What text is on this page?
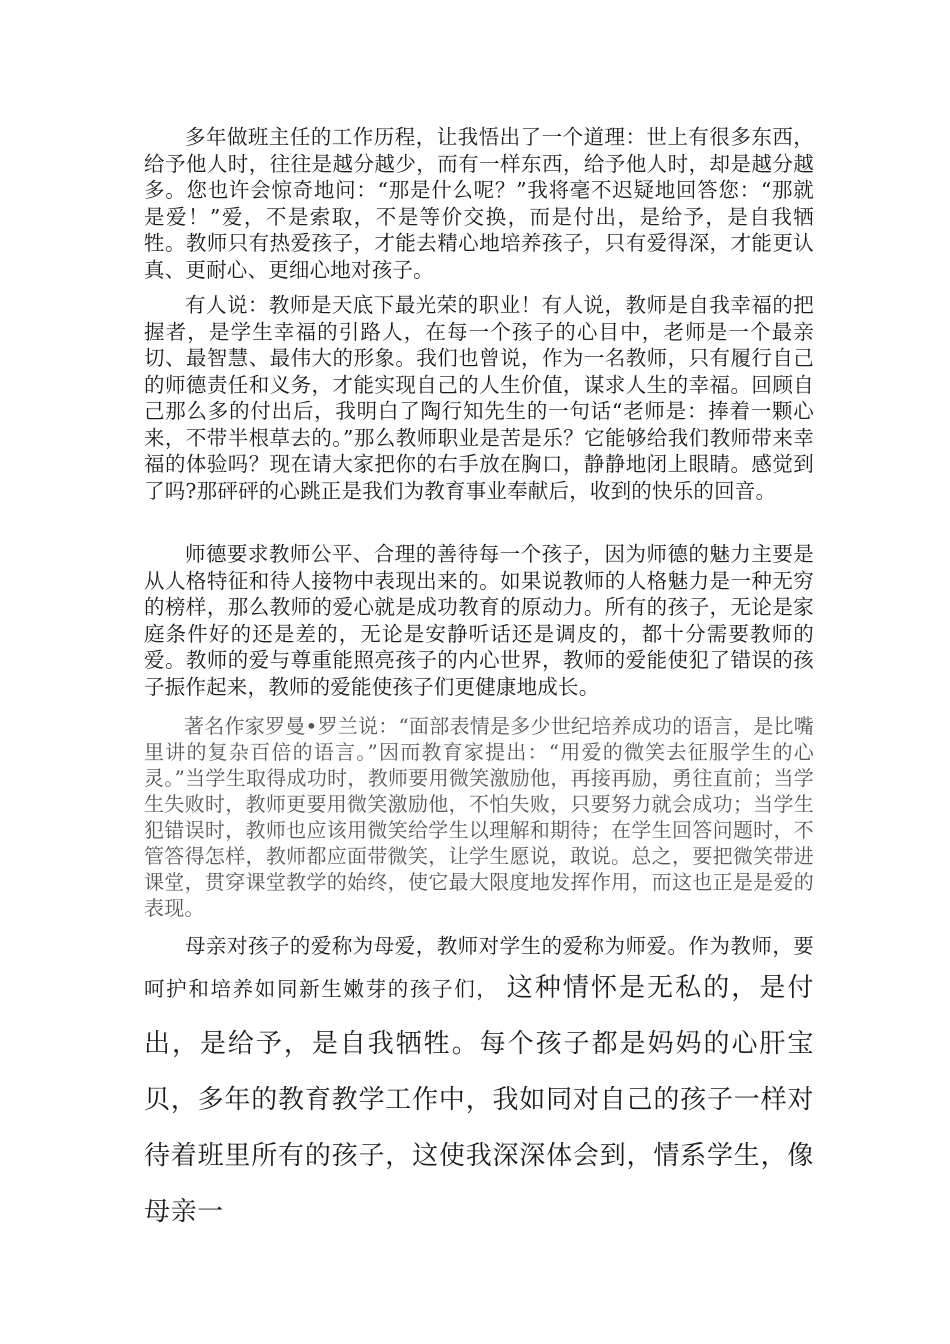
多年做班主任的工作历程，让我悟出了一个道理：世上有很多东西，给予他人时，往往是越分越少，而有一样东西，给予他人时，却是越分越多。您也许会惊奇地问：“那是什么呢？”我将毫不迟疑地回答您：“那就是爱！”爱，不是索取，不是等价交换，而是付出，是给予，是自我牺牲。教师只有热爱孩子，才能去精心地培养孩子，只有爱得深，才能更认真、更耐心、更细心地对孩子。

有人说：教师是天底下最光荣的职业！有人说，教师是自我幸福的把握者，是学生幸福的引路人，在每一个孩子的心目中，老师是一个最亲切、最智慧、最伟大的形象。我们也曾说，作为一名教师，只有履行自己的师德责任和义务，才能实现自己的人生价值，谋求人生的幸福。回顾自己那么多的付出后，我明白了陶行知先生的一句话“老师是：捧着一颗心来，不带半根草去的。”那么教师职业是苦是乐？它能够给我们教师带来幸福的体验吗？现在请大家把你的右手放在胸口，静静地闭上眼睛。感觉到了吗?那砰砰的心跳正是我们为教育事业奉献后，收到的快乐的回音。

师德要求教师公平、合理的善待每一个孩子，因为师德的魅力主要是从人格特征和待人接物中表现出来的。如果说教师的人格魅力是一种无穷的榜样，那么教师的爱心就是成功教育的原动力。所有的孩子，无论是家庭条件好的还是差的，无论是安静听话还是调皮的，都十分需要教师的爱。教师的爱与尊重能照亮孩子的内心世界，教师的爱能使犯了错误的孩子振作起来，教师的爱能使孩子们更健康地成长。

著名作家罗曼•罗兰说：“面部表情是多少世纪培养成功的语言，是比嘴里讲的复杂百倍的语言。”因而教育家提出：“用爱的微笑去征服学生的心灵。”当学生取得成功时，教师要用微笑激励他，再接再励，勇往直前；当学生失败时，教师更要用微笑激励他，不怕失败，只要努力就会成功；当学生犯错误时，教师也应该用微笑给学生以理解和期待；在学生回答问题时，不管答得怎样，教师都应面带微笑，让学生愿说，敢说。总之，要把微笑带进课堂，贯穿课堂教学的始终，使它最大限度地发挥作用，而这也正是是爱的表现。

母亲对孩子的爱称为母爱，教师对学生的爱称为师爱。作为教师，要呵护和培养如同新生嫩芽的孩子们， 这种情怀是无私的，是付出，是给予，是自我牺牲。每个孩子都是妈妈的心肝宝贝，多年的教育教学工作中，我如同对自己的孩子一样对待着班里所有的孩子，这使我深深体会到，情系学生，像母亲一
